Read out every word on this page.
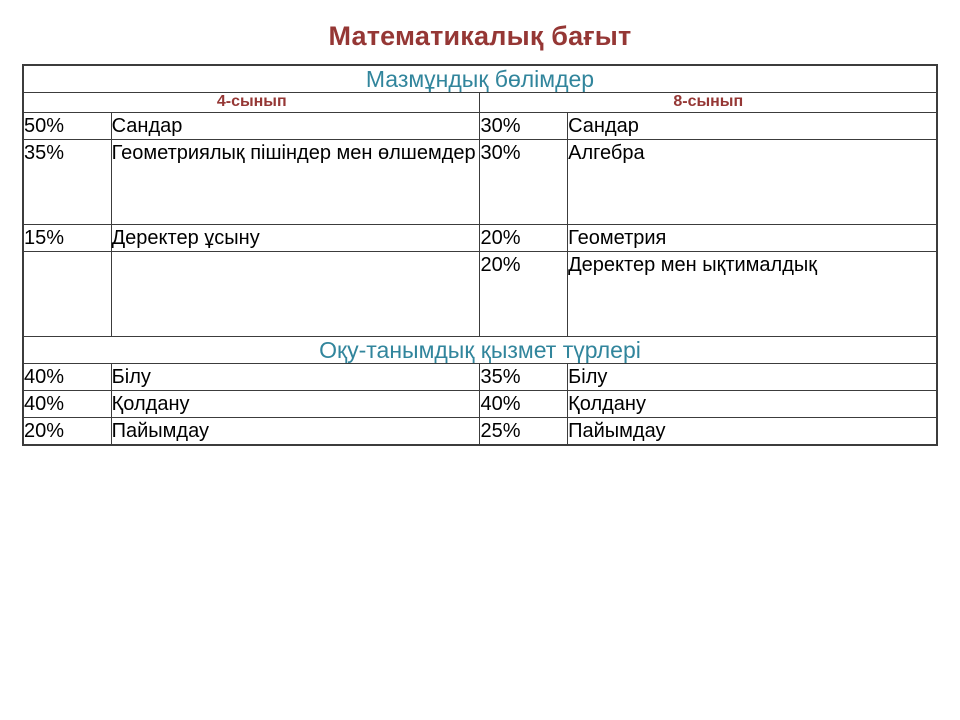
Математикалық бағыт
Мазмұндық бөлімдер			
4-сынып		8-сынып	
50%	Сандар	30%	Сандар
35%	Геометриялық пішіндер мен өлшемдер	30%	Алгебра
15%	Деректер ұсыну	20%	Геометрия
		20%	Деректер мен ықтималдық
Оқу-танымдық қызмет түрлері			
40%	Білу	35%	Білу
40%	Қолдану	40%	Қолдану
20%	Пайымдау	25%	Пайымдау
